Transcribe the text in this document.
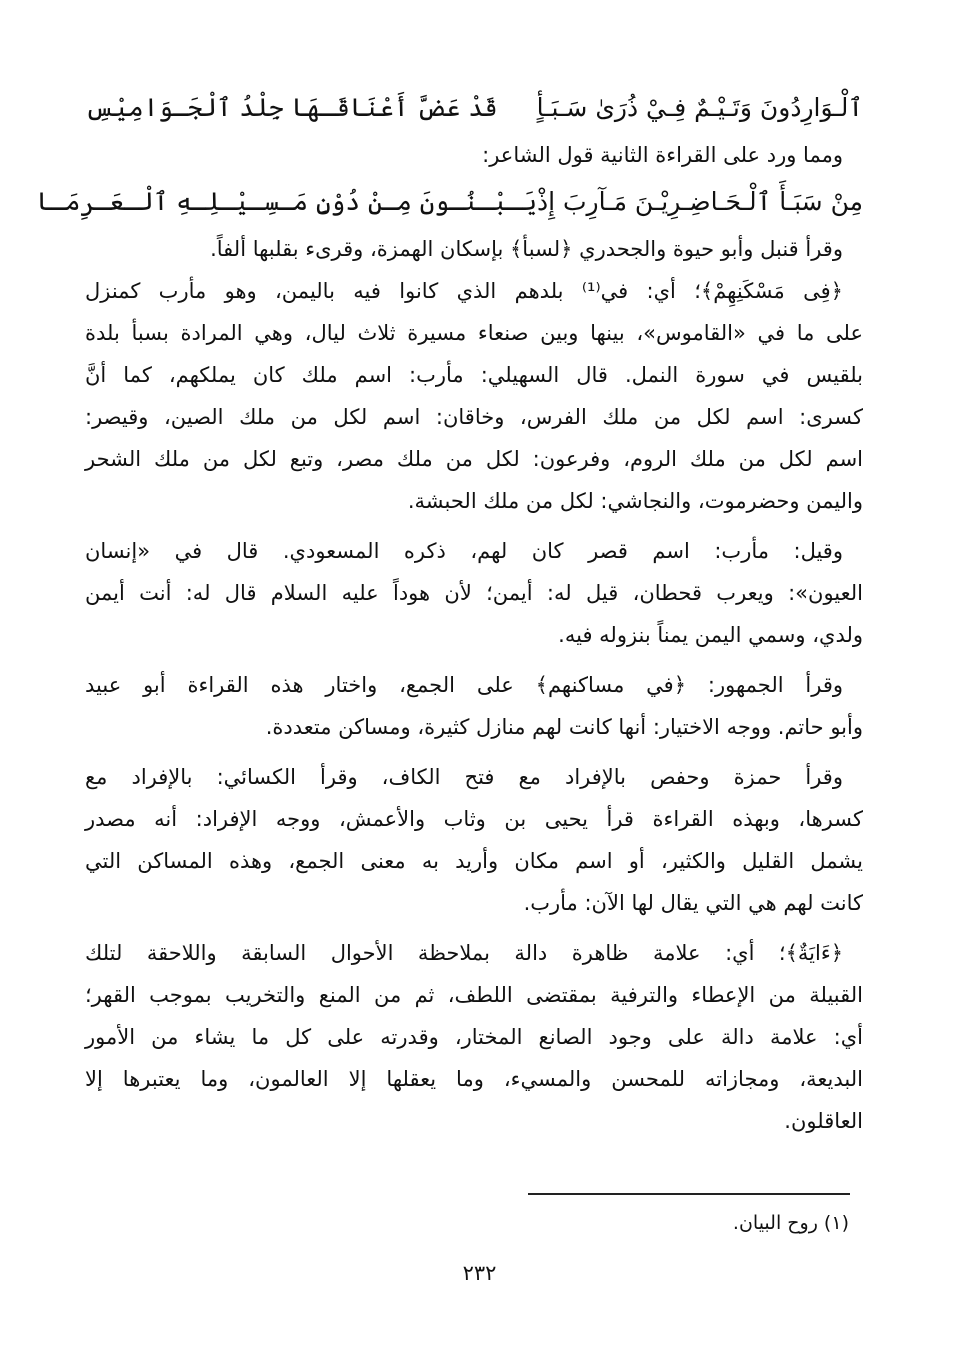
ٱلْـوَارِدُونَ وَتَـيْـمٌ فِـيْ ذُرَىٰ سَـبَـأٍ
قَدْ عَضَّ أَعْنَاقَـهَا جِلْدُ ٱلْجَـوَامِيْسِ
ومما ورد على القراءة الثانية قول الشاعر:
مِنْ سَبَـأَ ٱلْـحَـاضِـرِيْـنَ مَـآرِبَ إِذْ
يَـبْـنُـونَ مِـنْ دُوْنِ مَـسِـيْـلِـهِ ٱلْـعَـرِمَـا
وقرأ قنبل وأبو حيوة والجحدري ﴿لسبأ﴾ بإسكان الهمزة، وقرىء بقلبها ألفاً.
﴿فِى مَسْكَنِهِمْ﴾؛ أي: في⁽¹⁾ بلدهم الذي كانوا فيه باليمن، وهو مأرب كمنزل
على ما في «القاموس»، بينها وبين صنعاء مسيرة ثلاث ليال، وهي المرادة بسبأ بلدة
بلقيس في سورة النمل. قال السهيلي: مأرب: اسم ملك كان يملكهم، كما أنَّ
كسرى: اسم لكل من ملك الفرس، وخاقان: اسم لكل من ملك الصين، وقيصر:
اسم لكل من ملك الروم، وفرعون: لكل من ملك مصر، وتبع لكل من ملك الشحر
واليمن وحضرموت، والنجاشي: لكل من ملك الحبشة.
وقيل: مأرب: اسم قصر كان لهم، ذكره المسعودي. قال في «إنسان
العيون»: ويعرب قحطان، قيل له: أيمن؛ لأن هوداً عليه السلام قال له: أنت أيمن
ولدي، وسمي اليمن يمناً بنزوله فيه.
وقرأ الجمهور: ﴿في مساكنهم﴾ على الجمع، واختار هذه القراءة أبو عبيد
وأبو حاتم. ووجه الاختيار: أنها كانت لهم منازل كثيرة، ومساكن متعددة.
وقرأ حمزة وحفص بالإفراد مع فتح الكاف، وقرأ الكسائي: بالإفراد مع
كسرها، وبهذه القراءة قرأ يحيى بن وثاب والأعمش، ووجه الإفراد: أنه مصدر
يشمل القليل والكثير، أو اسم مكان وأريد به معنى الجمع، وهذه المساكن التي
كانت لهم هي التي يقال لها الآن: مأرب.
﴿ءَايَةٌ﴾؛ أي: علامة ظاهرة دالة بملاحظة الأحوال السابقة واللاحقة لتلك
القبيلة من الإعطاء والترفية بمقتضى اللطف، ثم من المنع والتخريب بموجب القهر؛
أي: علامة دالة على وجود الصانع المختار، وقدرته على كل ما يشاء من الأمور
البديعة، ومجازاته للمحسن والمسيء، وما يعقلها إلا العالمون، وما يعتبرها إلا
العاقلون.
(١) روح البيان.
٢٣٢
